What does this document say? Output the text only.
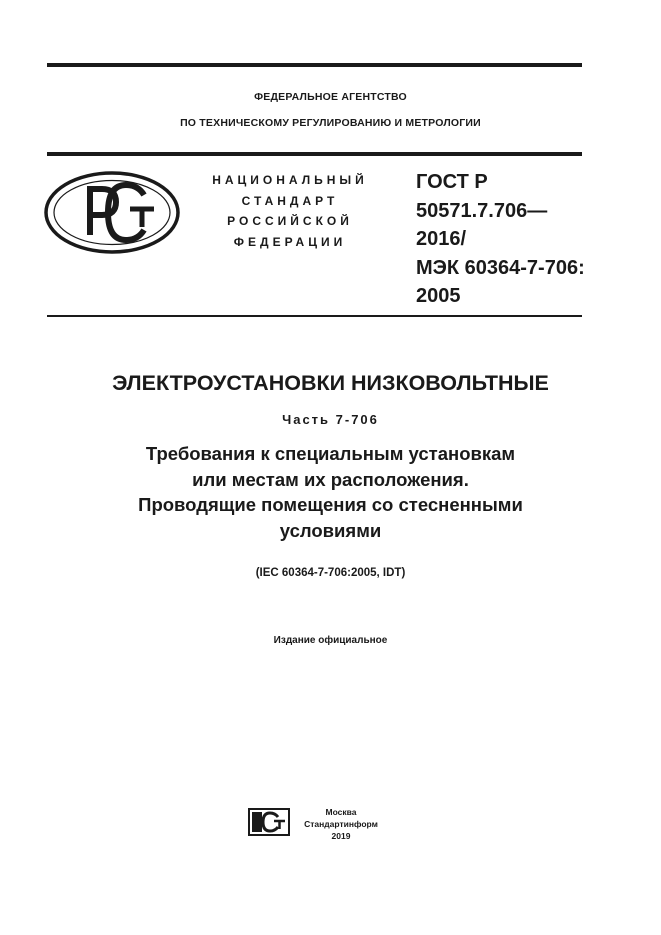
ФЕДЕРАЛЬНОЕ АГЕНТСТВО
ПО ТЕХНИЧЕСКОМУ РЕГУЛИРОВАНИЮ И МЕТРОЛОГИИ
НАЦИОНАЛЬНЫЙ
СТАНДАРТ
РОССИЙСКОЙ
ФЕДЕРАЦИИ
ГОСТ Р
50571.7.706—
2016/
МЭК 60364-7-706:
2005
ЭЛЕКТРОУСТАНОВКИ НИЗКОВОЛЬТНЫЕ
Часть 7-706
Требования к специальным установкам
или местам их расположения.
Проводящие помещения со стесненными
условиями
(IEC 60364-7-706:2005, IDT)
Издание официальное
Москва
Стандартинформ
2019
